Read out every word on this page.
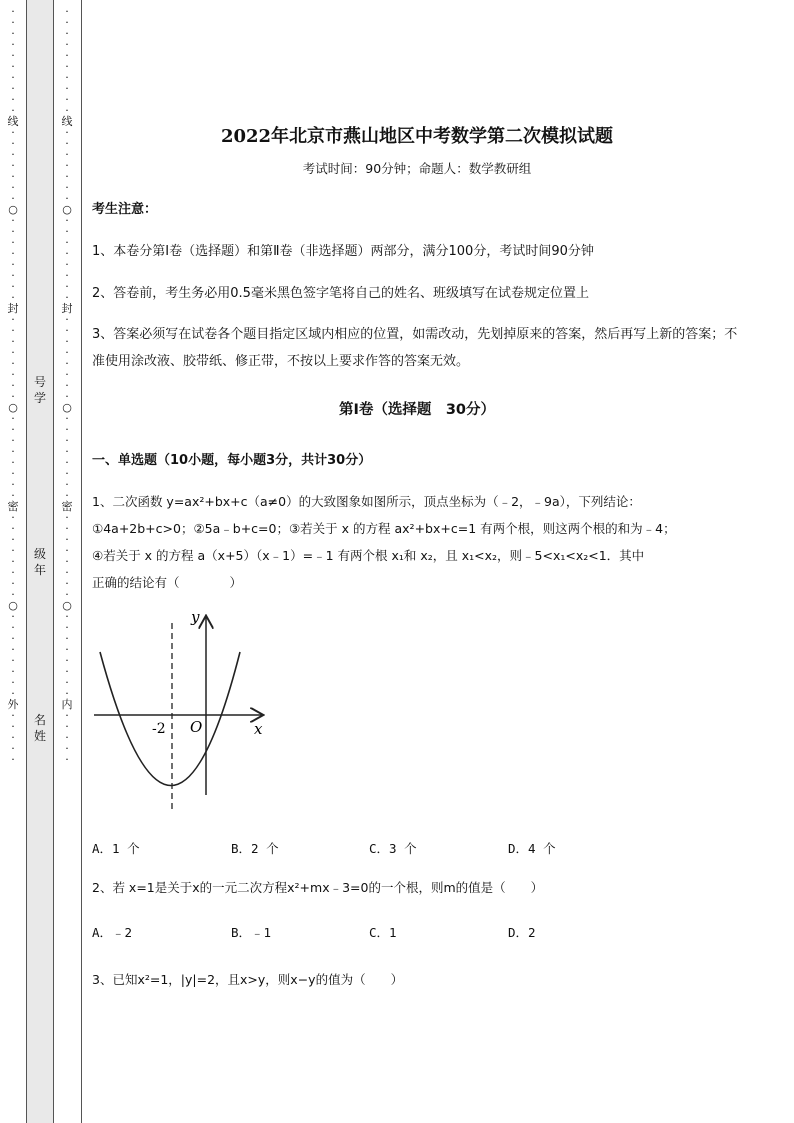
·
·
·
·
·
·
·
·
·
·
线
·
·
·
·
·
·
·
○
·
·
·
·
·
·
·
·
封
·
·
·
·
·
·
·
·
○
·
·
·
·
·
·
·
·
密
·
·
·
·
·
·
·
·
○
·
·
·
·
·
·
·
·
外
·
·
·
·
·
号
学
级
年
名
姓
·
·
·
·
·
·
·
·
·
·
线
·
·
·
·
·
·
·
○
·
·
·
·
·
·
·
·
封
·
·
·
·
·
·
·
·
○
·
·
·
·
·
·
·
·
密
·
·
·
·
·
·
·
·
○
·
·
·
·
·
·
·
·
内
·
·
·
·
·
2022年北京市燕山地区中考数学第二次模拟试题
考试时间：90分钟；命题人：数学教研组
考生注意：
1、本卷分第Ⅰ卷（选择题）和第Ⅱ卷（非选择题）两部分，满分100分，考试时间90分钟
2、答卷前，考生务必用0.5毫米黑色签字笔将自己的姓名、班级填写在试卷规定位置上
3、答案必须写在试卷各个题目指定区域内相应的位置，如需改动，先划掉原来的答案，然后再写上新的答案；不准使用涂改液、胶带纸、修正带，不按以上要求作答的答案无效。
第Ⅰ卷（选择题　30分）
一、单选题（10小题，每小题3分，共计30分）

1、二次函数 y=ax²+bx+c（a≠0）的大致图象如图所示，顶点坐标为（﹣2，﹣9a），下列结论：

①4a+2b+c>0；②5a﹣b+c=0；③若关于 x 的方程 ax²+bx+c=1 有两个根，则这两个根的和为﹣4；

④若关于 x 的方程 a（x+5）（x﹣1）=﹣1 有两个根 x₁和 x₂，且 x₁<x₂，则﹣5<x₁<x₂<1．其中

正确的结论有（　　　　）

y
x
O
-2
A．1 个	B．2 个	C．3 个	D．4 个
2、若 x=1是关于x的一元二次方程x²+mx﹣3=0的一个根，则m的值是（　　）
A．﹣2	B．﹣1	C．1	D．2
3、已知x²=1，|y|=2，且x>y，则x−y的值为（　　）
